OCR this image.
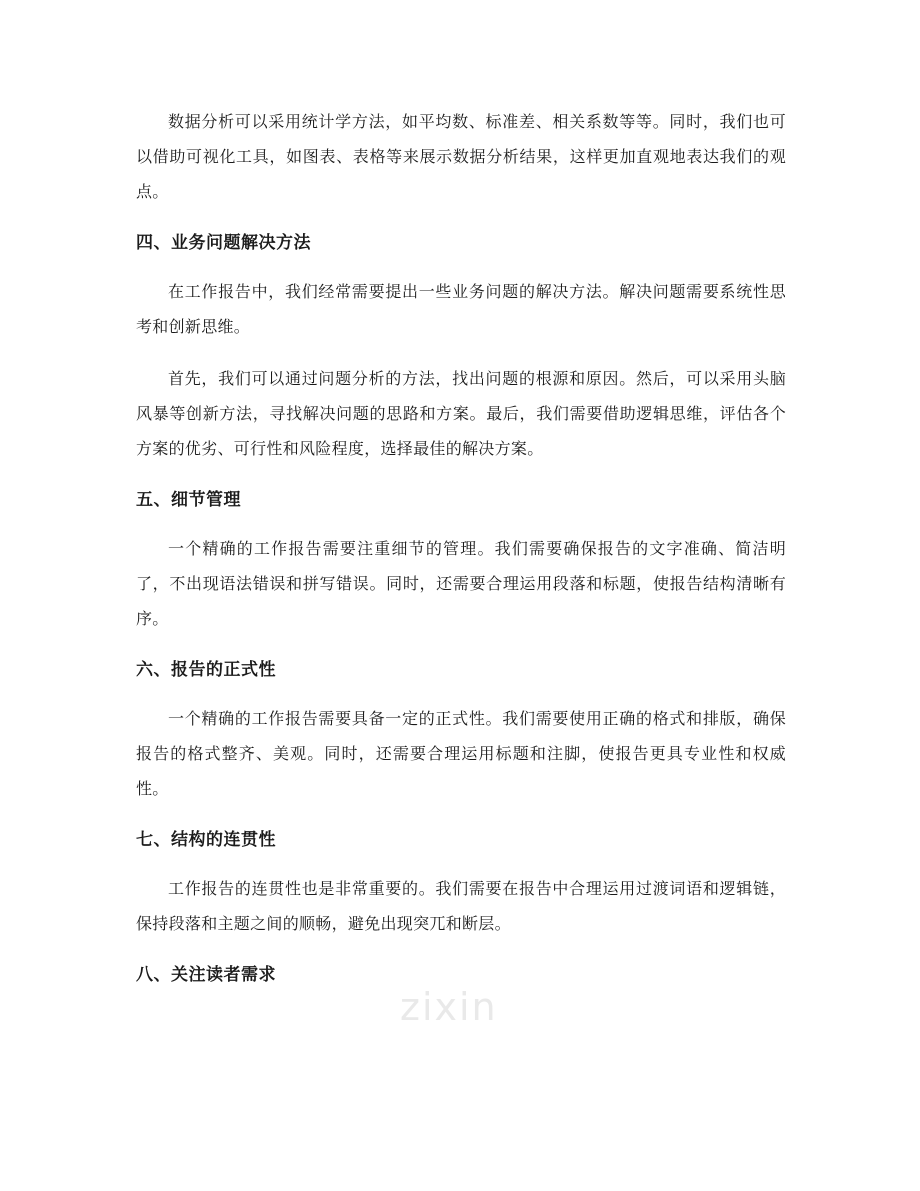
数据分析可以采用统计学方法，如平均数、标准差、相关系数等等。同时，我们也可以借助可视化工具，如图表、表格等来展示数据分析结果，这样更加直观地表达我们的观点。

四、业务问题解决方法

在工作报告中，我们经常需要提出一些业务问题的解决方法。解决问题需要系统性思考和创新思维。

首先，我们可以通过问题分析的方法，找出问题的根源和原因。然后，可以采用头脑风暴等创新方法，寻找解决问题的思路和方案。最后，我们需要借助逻辑思维，评估各个方案的优劣、可行性和风险程度，选择最佳的解决方案。

五、细节管理

一个精确的工作报告需要注重细节的管理。我们需要确保报告的文字准确、简洁明了，不出现语法错误和拼写错误。同时，还需要合理运用段落和标题，使报告结构清晰有序。

六、报告的正式性

一个精确的工作报告需要具备一定的正式性。我们需要使用正确的格式和排版，确保报告的格式整齐、美观。同时，还需要合理运用标题和注脚，使报告更具专业性和权威性。

七、结构的连贯性

工作报告的连贯性也是非常重要的。我们需要在报告中合理运用过渡词语和逻辑链，保持段落和主题之间的顺畅，避免出现突兀和断层。

八、关注读者需求
zixin
